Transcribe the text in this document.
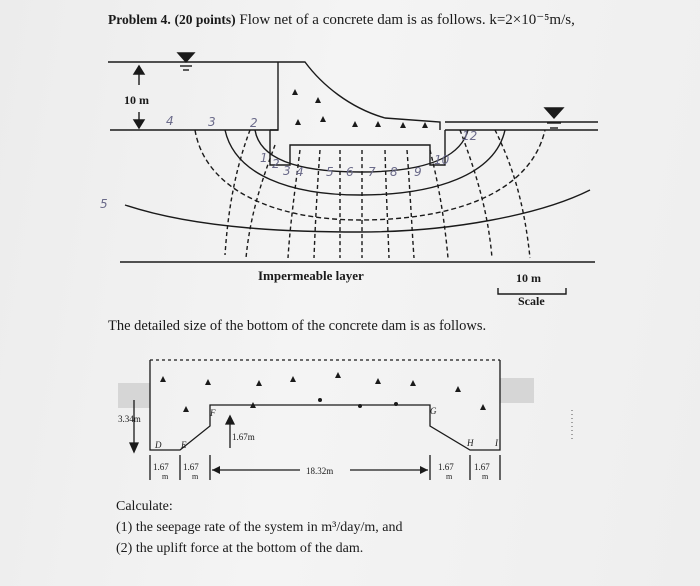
Problem 4. (20 points) Flow net of a concrete dam is as follows. k=2×10⁻⁵m/s,
10 m
Impermeable layer	10 m
Scale
5
4	3	2
1 2 3 4 5 6 7 8 9
10
12
The detailed size of the bottom of the concrete dam is as follows.
3.34m
1.67m
D E
F	G
H I
1.67
m
1.67
m
18.32m	1.67
m
1.67
m
Calculate:
(1) the seepage rate of the system in m³/day/m, and
(2) the uplift force at the bottom of the dam.
